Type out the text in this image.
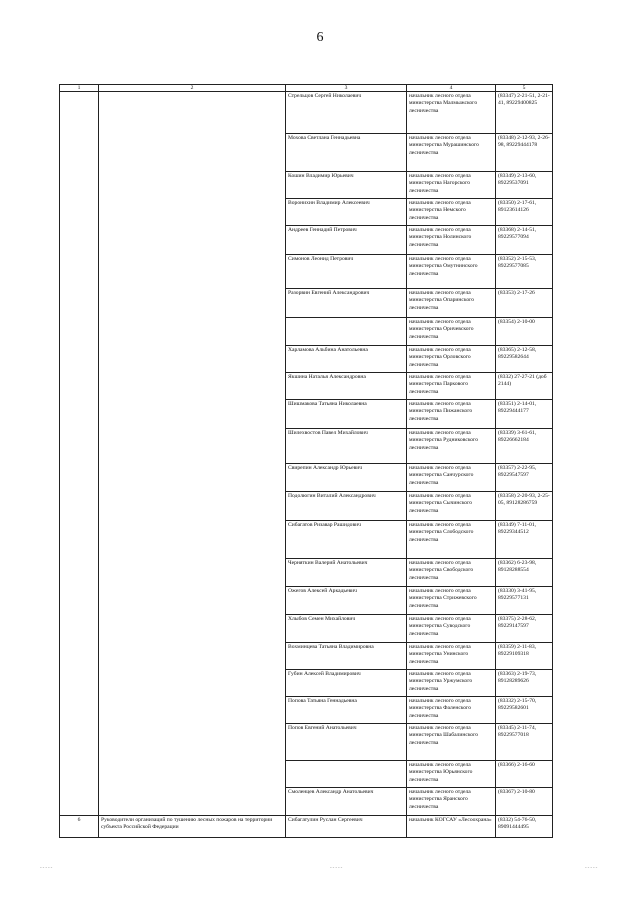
6
1	2	3	4	5
		Стрельцов Сергей Николаевич	начальник лесного отдела министерства Малмыжского лесничества	(83347) 2-21-51, 2-21-41, 89229400825
		Мохова Светлана Геннадьевна	начальник лесного отдела министерства Мурашинского лесничества	(83348) 2-12-93, 2-26-98, 89229444178
		Кошин Владимир Юрьевич	начальник лесного отдела министерства Нагорского лесничества	(83349) 2-13-60, 89229537091
		Воронихин Владимир Алексеевич	начальник лесного отдела министерства Немского лесничества	(83350) 2-17-61, 89123614126
		Андреев Геннадий Петрович	начальник лесного отдела министерства Нолинского лесничества	(83368) 2-14-51, 89229577094
		Симонов Леонид Петрович	начальник лесного отдела министерства Омутнинского лесничества	(83352) 2-15-53, 89229577085
		Разорвин Евгений Александрович	начальник лесного отдела министерства Опаринского лесничества	(83353) 2-17-26
			начальник лесного отдела министерства Оричевского лесничества	(83354) 2-10-00
		Харламова Альбина Анатольевна	начальник лесного отдела министерства Орловского лесничества	(83365) 2-12-58, 89229582644
		Якшина Наталья Александровна	начальник лесного отдела министерства Паркового лесничества	(8332) 27-27-21 (доб 2144)
		Шишмакова Татьяна Николаевна	начальник лесного отдела министерства Пижанского лесничества	(83351) 2-14-01, 89229444177
		Шилехвостов Павел Михайлович	начальник лесного отдела министерства Рудниковского лесничества	(83339) 3-61-61, 89226662184
		Свирепин Александр Юрьевич	начальник лесного отдела министерства Санчурского лесничества	(83357) 2-22-95, 89229547597
		Подолюгин Виталий Александрович	начальник лесного отдела министерства Сычинского лесничества	(83358) 2-20-93, 2-25-05, 89128286759
		Сибагатов Ризавар Рашидович	начальник лесного отдела министерства Слободского лесничества	(83349) 7-11-01, 89229344512
		Черняткин Валерий Анатольевич	начальник лесного отдела министерства Свободского лесничества	(83362) 6-23-98, 89128288554
		Ожегов Алексей Аркадьевич	начальник лесного отдела министерства Стрижевского лесничества	(83330) 3-41-95, 89229577131
		Хлыбов Семен Михайлович	начальник лесного отдела министерства Суводского лесничества	(83375) 2-28-62, 89229147597
		Вохминцева Татьяна Владимировна	начальник лесного отдела министерства Унинского лесничества	(83359) 2-11-83, 89229109318
		Губин Алексей Владимирович	начальник лесного отдела министерства Уржумского лесничества	(83363) 2-19-73, 89128289626
		Попова Татьяна Геннадьевна	начальник лесного отдела министерства Фаленского лесничества	(83332) 2-15-70, 89229582601
		Попов Евгений Анатольевич	начальник лесного отдела министерства Шабалинского лесничества	(83345) 2-11-74, 89229577018
			начальник лесного отдела министерства Юрьянского лесничества	(83366) 2-16-60
		Смоленцев Александр Анатольевич	начальник лесного отдела министерства Яранского лесничества	(83367) 2-10-80
6	Руководители организаций по тушению лесных пожаров на территории субъекта Российской Федерации	Сибагатулин Руслан Сергеевич	начальник КОГСАУ «Лесоохрана»	(8332) 54-76-50, 89091444495
-----	-----	-----
